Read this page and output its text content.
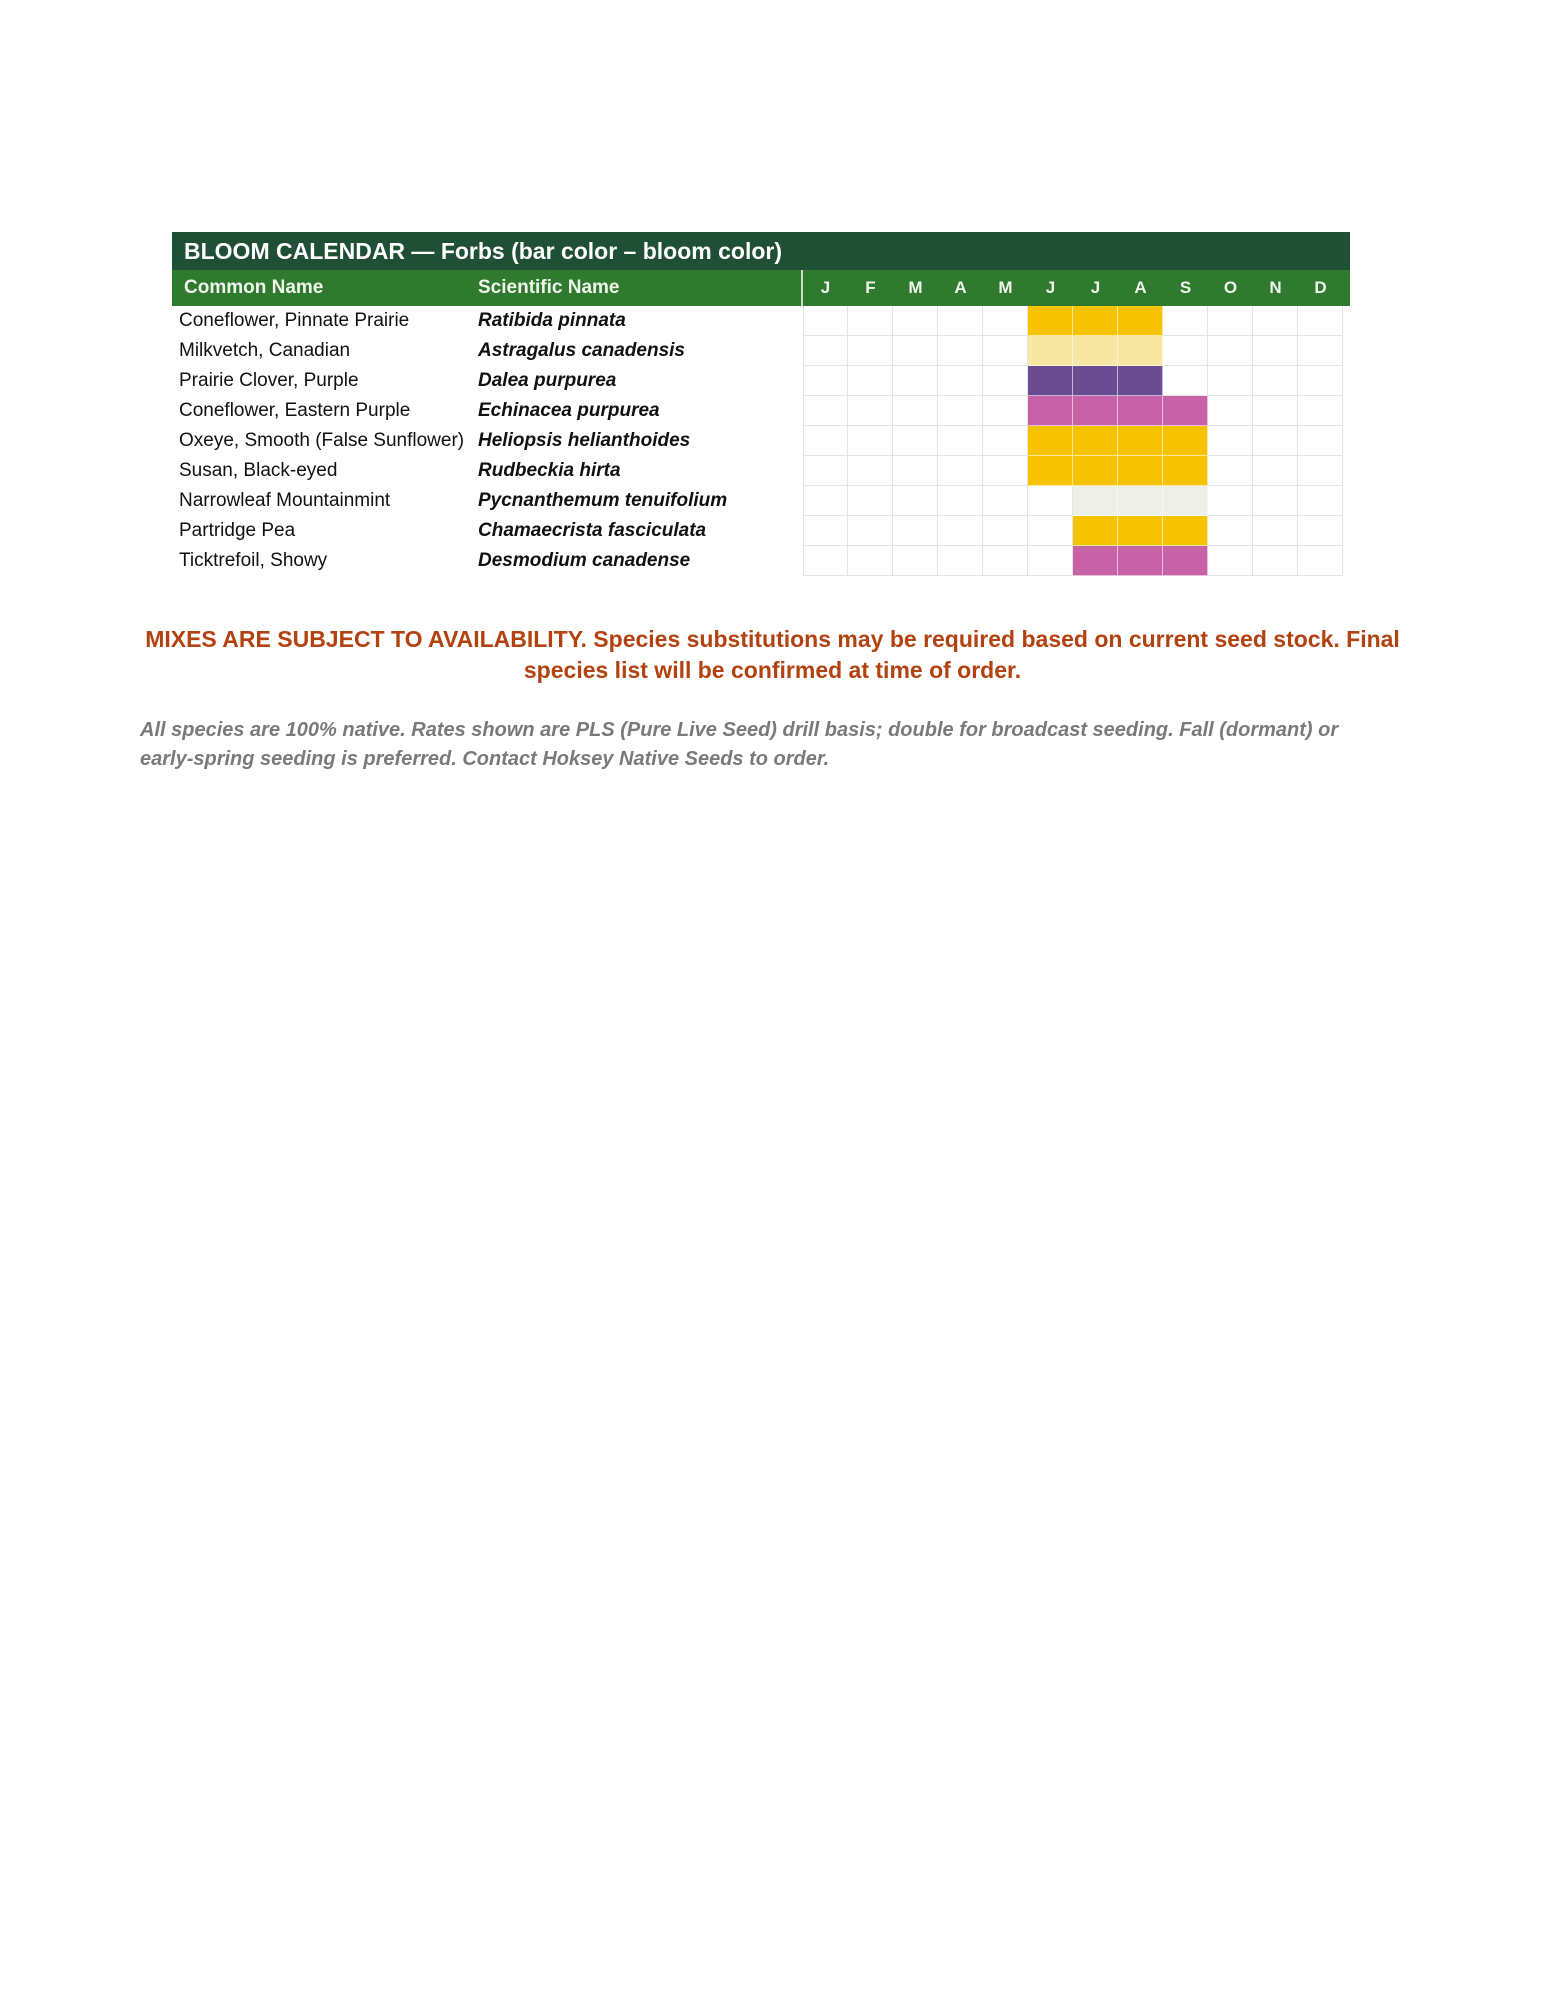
BLOOM CALENDAR — Forbs (bar color – bloom color)
Common Name	Scientific Name	J	F	M	A	M	J	J	A	S	O	N	D
Coneflower, Pinnate Prairie	Ratibida pinnata
Milkvetch, Canadian	Astragalus canadensis
Prairie Clover, Purple	Dalea purpurea
Coneflower, Eastern Purple	Echinacea purpurea
Oxeye, Smooth (False Sunflower) Heliopsis helianthoides
Susan, Black-eyed	Rudbeckia hirta
Narrowleaf Mountainmint	Pycnanthemum tenuifolium
Partridge Pea	Chamaecrista fasciculata
Ticktrefoil, Showy	Desmodium canadense
MIXES ARE SUBJECT TO AVAILABILITY. Species substitutions may be required based on current seed stock. Final species list will be confirmed at time of order.
All species are 100% native. Rates shown are PLS (Pure Live Seed) drill basis; double for broadcast seeding. Fall (dormant) or early-spring seeding is preferred. Contact Hoksey Native Seeds to order.
